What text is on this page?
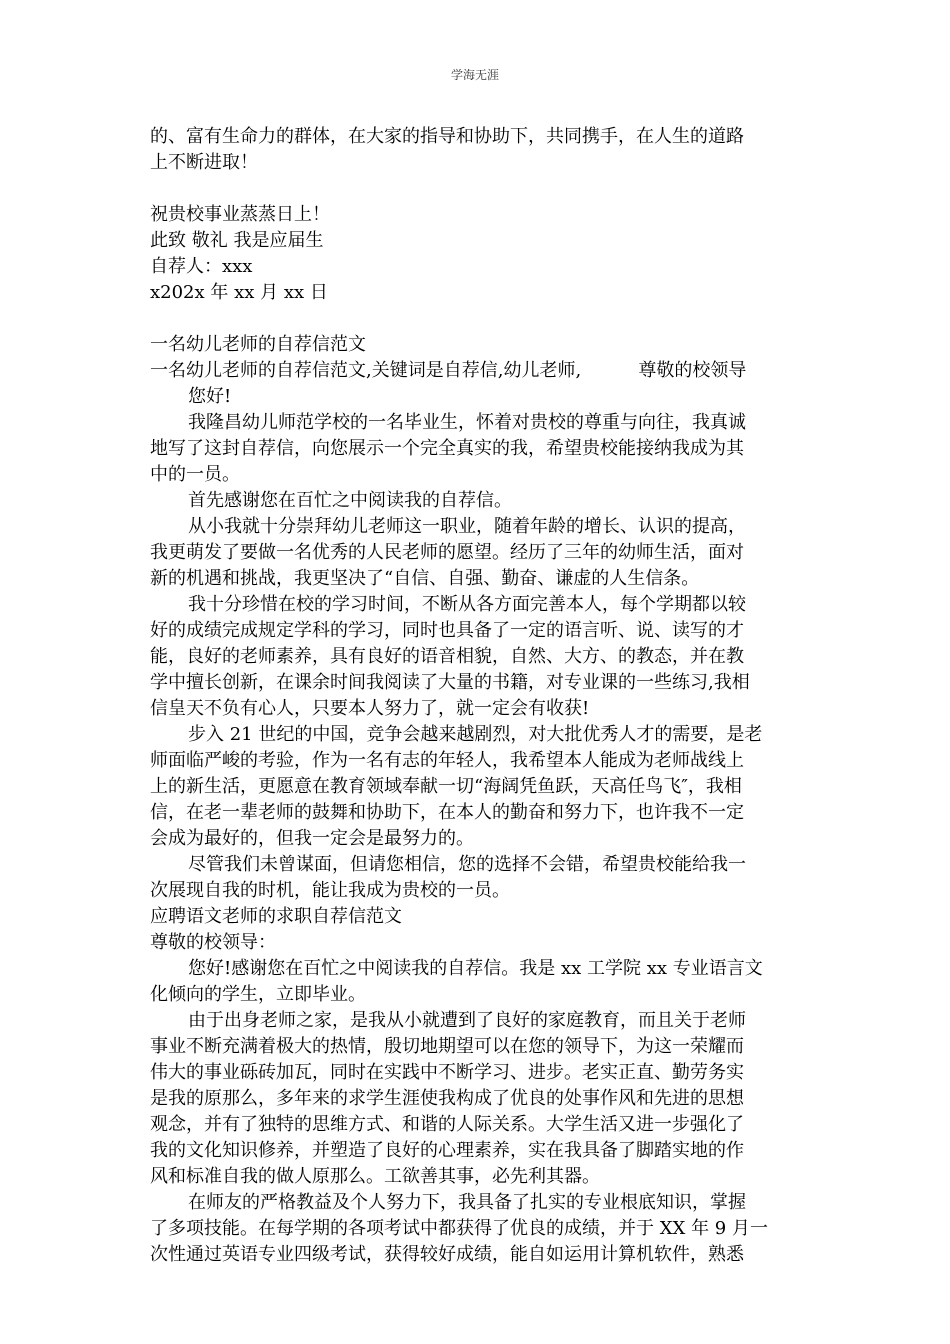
学海无涯

的、富有生命力的群体，在大家的指导和协助下，共同携手，在人生的道路

上不断进取！

祝贵校事业蒸蒸日上！

此致 敬礼 我是应届生

自荐人：xxx

x202x 年 xx 月 xx 日

一名幼儿老师的自荐信范文

一名幼儿老师的自荐信范文,关键词是自荐信,幼儿老师,          尊敬的校领导

您好!

我隆昌幼儿师范学校的一名毕业生，怀着对贵校的尊重与向往，我真诚

地写了这封自荐信，向您展示一个完全真实的我，希望贵校能接纳我成为其

中的一员。

首先感谢您在百忙之中阅读我的自荐信。

从小我就十分崇拜幼儿老师这一职业，随着年龄的增长、认识的提高，

我更萌发了要做一名优秀的人民老师的愿望。经历了三年的幼师生活，面对

新的机遇和挑战，我更坚决了“自信、自强、勤奋、谦虚的人生信条。

我十分珍惜在校的学习时间，不断从各方面完善本人，每个学期都以较

好的成绩完成规定学科的学习，同时也具备了一定的语言听、说、读写的才

能，良好的老师素养，具有良好的语音相貌，自然、大方、的教态，并在教

学中擅长创新，在课余时间我阅读了大量的书籍，对专业课的一些练习,我相

信皇天不负有心人，只要本人努力了，就一定会有收获!

步入 21 世纪的中国，竞争会越来越剧烈，对大批优秀人才的需要，是老

师面临严峻的考验，作为一名有志的年轻人，我希望本人能成为老师战线上

上的新生活，更愿意在教育领域奉献一切“海阔凭鱼跃，天高任鸟飞″，我相

信，在老一辈老师的鼓舞和协助下，在本人的勤奋和努力下，也许我不一定

会成为最好的，但我一定会是最努力的。

尽管我们未曾谋面，但请您相信，您的选择不会错，希望贵校能给我一

次展现自我的时机，能让我成为贵校的一员。

应聘语文老师的求职自荐信范文

尊敬的校领导：

您好!感谢您在百忙之中阅读我的自荐信。我是 xx 工学院 xx 专业语言文

化倾向的学生，立即毕业。

由于出身老师之家，是我从小就遭到了良好的家庭教育，而且关于老师

事业不断充满着极大的热情，殷切地期望可以在您的领导下，为这一荣耀而

伟大的事业砾砖加瓦，同时在实践中不断学习、进步。老实正直、勤劳务实

是我的原那么，多年来的求学生涯使我构成了优良的处事作风和先进的思想

观念，并有了独特的思维方式、和谐的人际关系。大学生活又进一步强化了

我的文化知识修养，并塑造了良好的心理素养，实在我具备了脚踏实地的作

风和标准自我的做人原那么。工欲善其事，必先利其器。

在师友的严格教益及个人努力下，我具备了扎实的专业根底知识，掌握

了多项技能。在每学期的各项考试中都获得了优良的成绩，并于 XX 年 9 月一

次性通过英语专业四级考试，获得较好成绩，能自如运用计算机软件，熟悉
